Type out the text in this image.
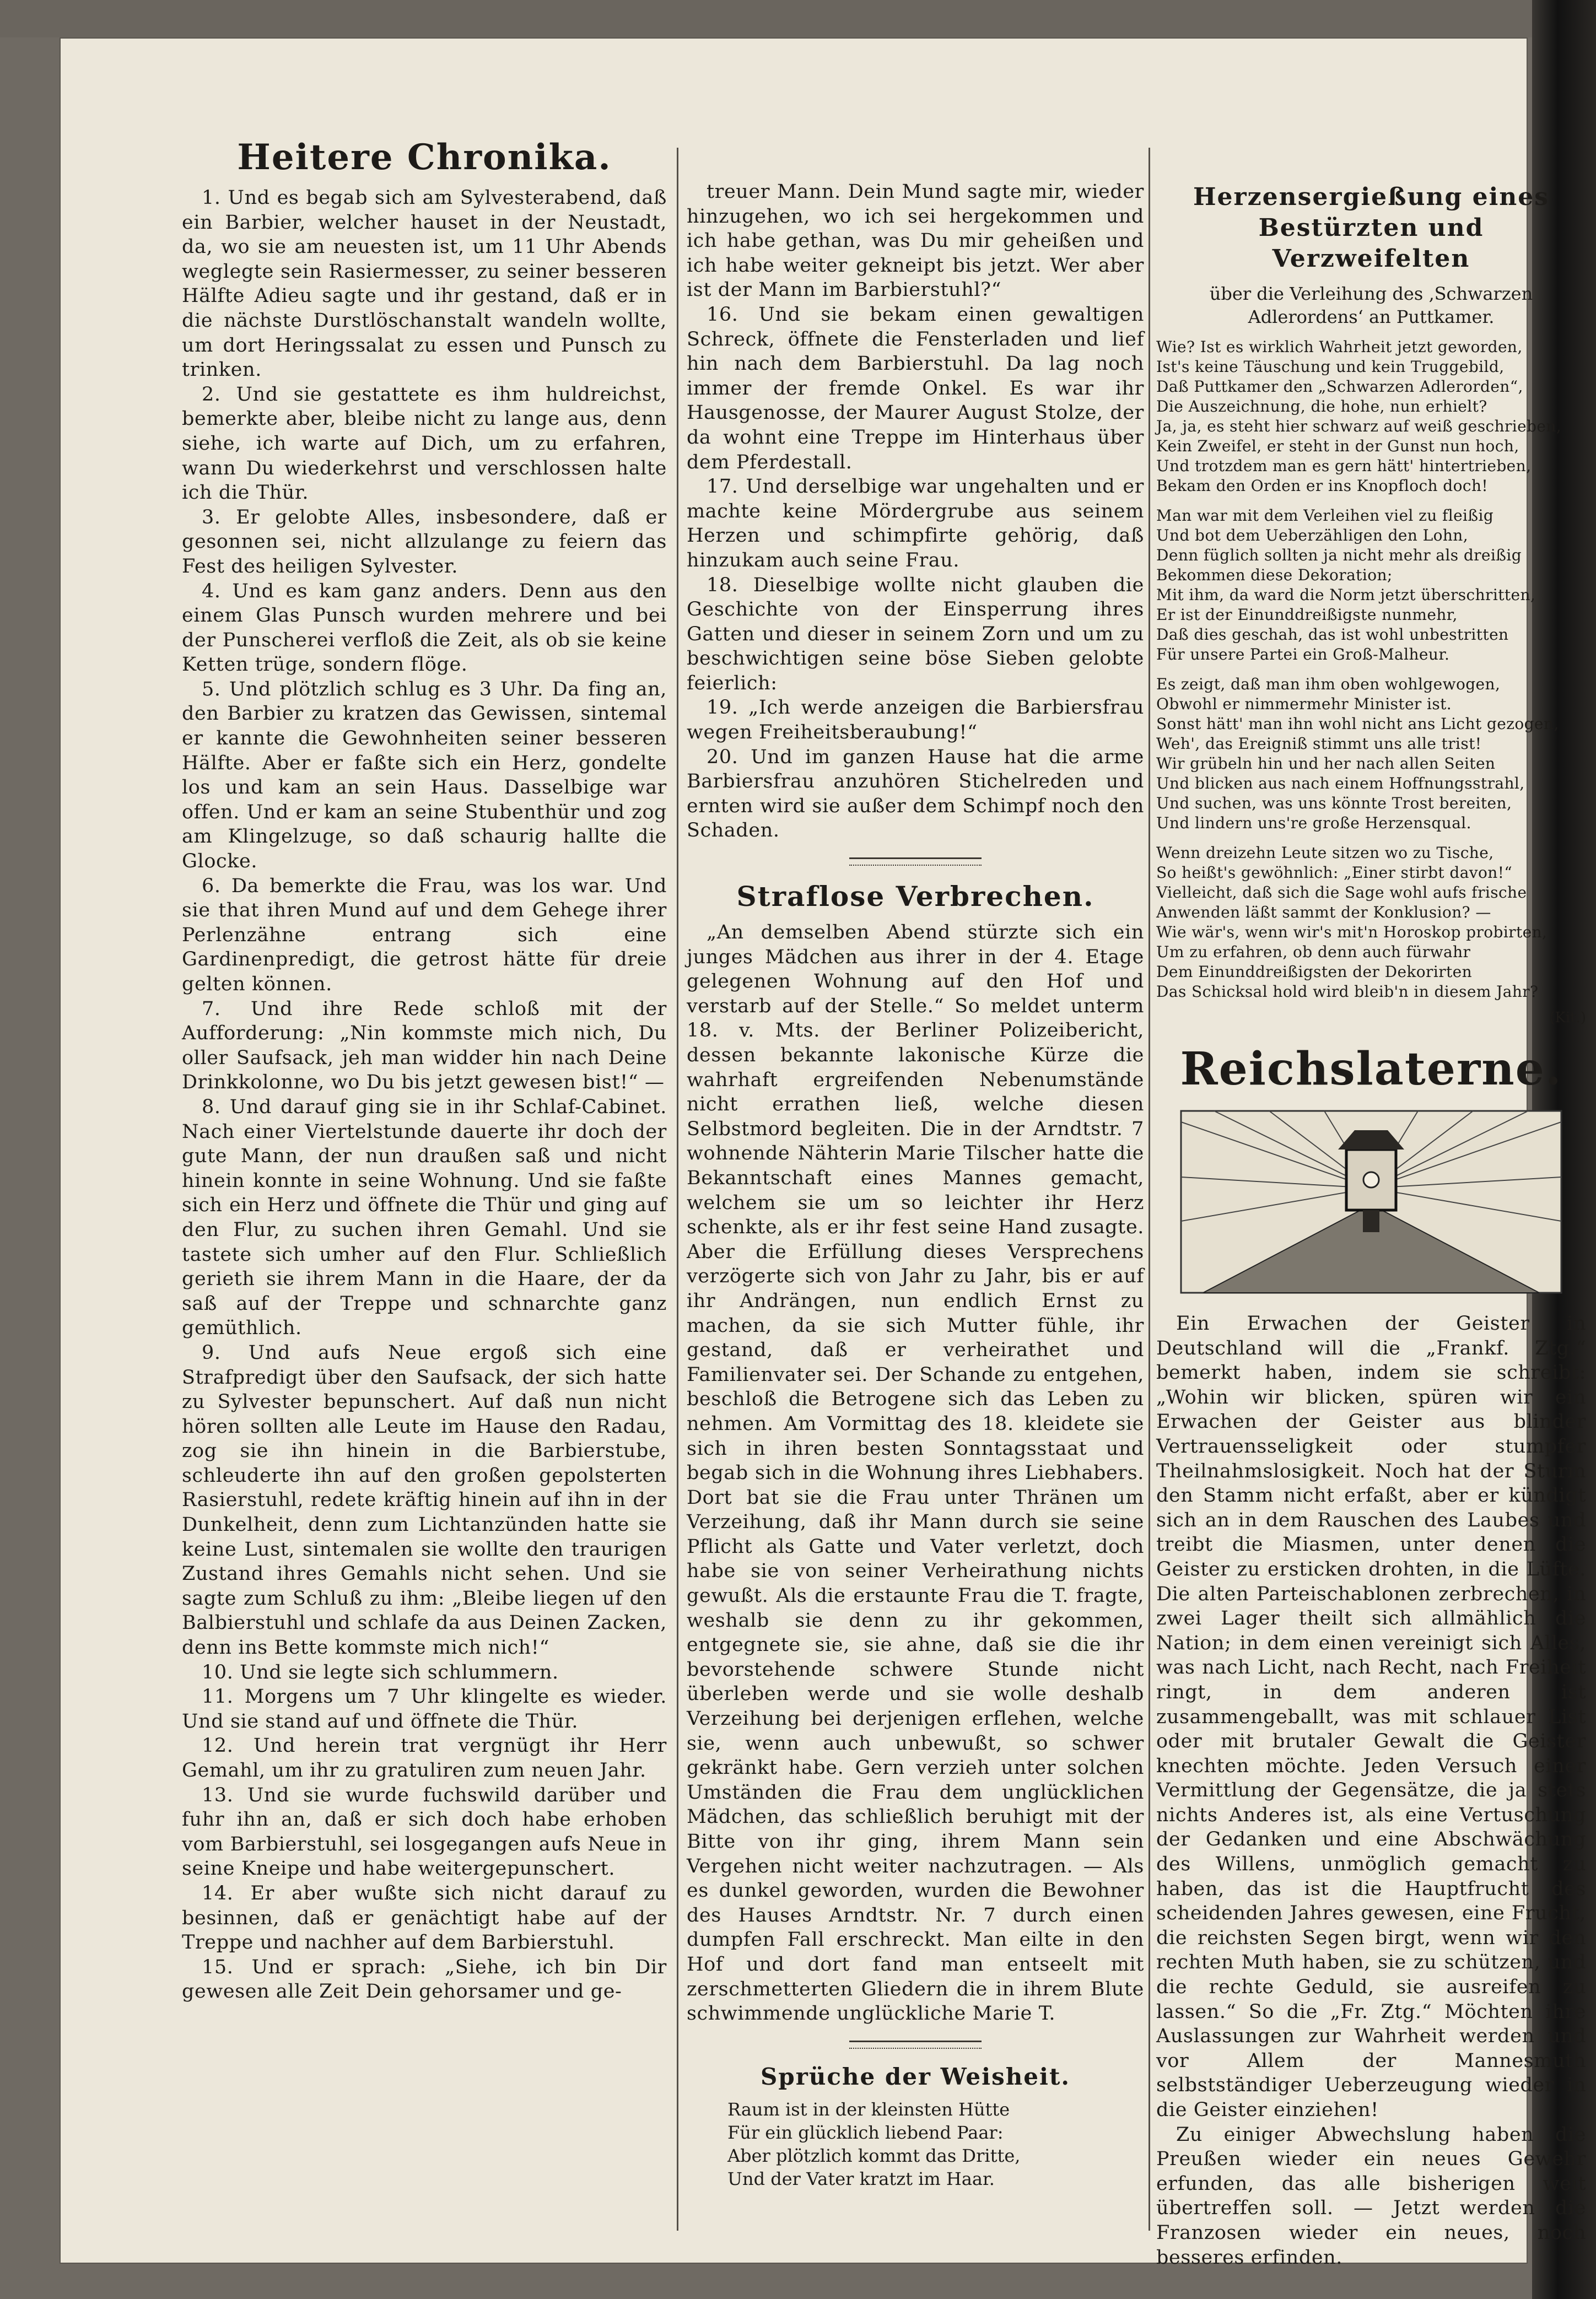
Heitere Chronika.

1. Und es begab sich am Sylvesterabend, daß ein Barbier, welcher hauset in der Neustadt, da, wo sie am neuesten ist, um 11 Uhr Abends weglegte sein Rasiermesser, zu seiner besseren Hälfte Adieu sagte und ihr gestand, daß er in die nächste Durstlöschanstalt wandeln wollte, um dort Heringssalat zu essen und Punsch zu trinken.

2. Und sie gestattete es ihm huldreichst, bemerkte aber, bleibe nicht zu lange aus, denn siehe, ich warte auf Dich, um zu erfahren, wann Du wiederkehrst und verschlossen halte ich die Thür.

3. Er gelobte Alles, insbesondere, daß er gesonnen sei, nicht allzulange zu feiern das Fest des heiligen Sylvester.

4. Und es kam ganz anders. Denn aus den einem Glas Punsch wurden mehrere und bei der Punscherei verfloß die Zeit, als ob sie keine Ketten trüge, sondern flöge.

5. Und plötzlich schlug es 3 Uhr. Da fing an, den Barbier zu kratzen das Gewissen, sintemal er kannte die Gewohnheiten seiner besseren Hälfte. Aber er faßte sich ein Herz, gondelte los und kam an sein Haus. Dasselbige war offen. Und er kam an seine Stubenthür und zog am Klingelzuge, so daß schaurig hallte die Glocke.

6. Da bemerkte die Frau, was los war. Und sie that ihren Mund auf und dem Gehege ihrer Perlenzähne entrang sich eine Gardinenpredigt, die getrost hätte für dreie gelten können.

7. Und ihre Rede schloß mit der Aufforderung: „Nin kommste mich nich, Du oller Saufsack, jeh man widder hin nach Deine Drinkkolonne, wo Du bis jetzt gewesen bist!“ —

8. Und darauf ging sie in ihr Schlaf-Cabinet. Nach einer Viertelstunde dauerte ihr doch der gute Mann, der nun draußen saß und nicht hinein konnte in seine Wohnung. Und sie faßte sich ein Herz und öffnete die Thür und ging auf den Flur, zu suchen ihren Gemahl. Und sie tastete sich umher auf den Flur. Schließlich gerieth sie ihrem Mann in die Haare, der da saß auf der Treppe und schnarchte ganz gemüthlich.

9. Und aufs Neue ergoß sich eine Strafpredigt über den Saufsack, der sich hatte zu Sylvester bepunschert. Auf daß nun nicht hören sollten alle Leute im Hause den Radau, zog sie ihn hinein in die Barbierstube, schleuderte ihn auf den großen gepolsterten Rasierstuhl, redete kräftig hinein auf ihn in der Dunkelheit, denn zum Lichtanzünden hatte sie keine Lust, sintemalen sie wollte den traurigen Zustand ihres Gemahls nicht sehen. Und sie sagte zum Schluß zu ihm: „Bleibe liegen uf den Balbierstuhl und schlafe da aus Deinen Zacken, denn ins Bette kommste mich nich!“

10. Und sie legte sich schlummern.

11. Morgens um 7 Uhr klingelte es wieder. Und sie stand auf und öffnete die Thür.

12. Und herein trat vergnügt ihr Herr Gemahl, um ihr zu gratuliren zum neuen Jahr.

13. Und sie wurde fuchswild darüber und fuhr ihn an, daß er sich doch habe erhoben vom Barbierstuhl, sei losgegangen aufs Neue in seine Kneipe und habe weitergepunschert.

14. Er aber wußte sich nicht darauf zu besinnen, daß er genächtigt habe auf der Treppe und nachher auf dem Barbierstuhl.

15. Und er sprach: „Siehe, ich bin Dir gewesen alle Zeit Dein gehorsamer und ge-

treuer Mann. Dein Mund sagte mir, wieder hinzugehen, wo ich sei hergekommen und ich habe gethan, was Du mir geheißen und ich habe weiter gekneipt bis jetzt. Wer aber ist der Mann im Barbierstuhl?“

16. Und sie bekam einen gewaltigen Schreck, öffnete die Fensterladen und lief hin nach dem Barbierstuhl. Da lag noch immer der fremde Onkel. Es war ihr Hausgenosse, der Maurer August Stolze, der da wohnt eine Treppe im Hinterhaus über dem Pferdestall.

17. Und derselbige war ungehalten und er machte keine Mördergrube aus seinem Herzen und schimpfirte gehörig, daß hinzukam auch seine Frau.

18. Dieselbige wollte nicht glauben die Geschichte von der Einsperrung ihres Gatten und dieser in seinem Zorn und um zu beschwichtigen seine böse Sieben gelobte feierlich:

19. „Ich werde anzeigen die Barbiersfrau wegen Freiheitsberaubung!“

20. Und im ganzen Hause hat die arme Barbiersfrau anzuhören Stichelreden und ernten wird sie außer dem Schimpf noch den Schaden.

Straflose Verbrechen.

„An demselben Abend stürzte sich ein junges Mädchen aus ihrer in der 4. Etage gelegenen Wohnung auf den Hof und verstarb auf der Stelle.“ So meldet unterm 18. v. Mts. der Berliner Polizeibericht, dessen bekannte lakonische Kürze die wahrhaft ergreifenden Nebenumstände nicht errathen ließ, welche diesen Selbstmord begleiten. Die in der Arndtstr. 7 wohnende Nähterin Marie Tilscher hatte die Bekanntschaft eines Mannes gemacht, welchem sie um so leichter ihr Herz schenkte, als er ihr fest seine Hand zusagte. Aber die Erfüllung dieses Versprechens verzögerte sich von Jahr zu Jahr, bis er auf ihr Andrängen, nun endlich Ernst zu machen, da sie sich Mutter fühle, ihr gestand, daß er verheirathet und Familienvater sei. Der Schande zu entgehen, beschloß die Betrogene sich das Leben zu nehmen. Am Vormittag des 18. kleidete sie sich in ihren besten Sonntagsstaat und begab sich in die Wohnung ihres Liebhabers. Dort bat sie die Frau unter Thränen um Verzeihung, daß ihr Mann durch sie seine Pflicht als Gatte und Vater verletzt, doch habe sie von seiner Verheirathung nichts gewußt. Als die erstaunte Frau die T. fragte, weshalb sie denn zu ihr gekommen, entgegnete sie, sie ahne, daß sie die ihr bevorstehende schwere Stunde nicht überleben werde und sie wolle deshalb Verzeihung bei derjenigen erflehen, welche sie, wenn auch unbewußt, so schwer gekränkt habe. Gern verzieh unter solchen Umständen die Frau dem unglücklichen Mädchen, das schließlich beruhigt mit der Bitte von ihr ging, ihrem Mann sein Vergehen nicht weiter nachzutragen. — Als es dunkel geworden, wurden die Bewohner des Hauses Arndtstr. Nr. 7 durch einen dumpfen Fall erschreckt. Man eilte in den Hof und dort fand man entseelt mit zerschmetterten Gliedern die in ihrem Blute schwimmende unglückliche Marie T.

Sprüche der Weisheit.
Raum ist in der kleinsten Hütte
Für ein glücklich liebend Paar:
Aber plötzlich kommt das Dritte,
Und der Vater kratzt im Haar.
Herzensergießung eines Bestürzten und Verzweifelten
über die Verleihung des ‚Schwarzen Adlerordens‘ an Puttkamer.
Wie? Ist es wirklich Wahrheit jetzt geworden,
Ist's keine Täuschung und kein Truggebild,
Daß Puttkamer den „Schwarzen Adlerorden“,
Die Auszeichnung, die hohe, nun erhielt?
Ja, ja, es steht hier schwarz auf weiß geschrieben,
Kein Zweifel, er steht in der Gunst nun hoch,
Und trotzdem man es gern hätt' hintertrieben,
Bekam den Orden er ins Knopfloch doch!
Man war mit dem Verleihen viel zu fleißig
Und bot dem Ueberzähligen den Lohn,
Denn füglich sollten ja nicht mehr als dreißig
Bekommen diese Dekoration;
Mit ihm, da ward die Norm jetzt überschritten,
Er ist der Einunddreißigste nunmehr,
Daß dies geschah, das ist wohl unbestritten
Für unsere Partei ein Groß-Malheur.
Es zeigt, daß man ihm oben wohlgewogen,
Obwohl er nimmermehr Minister ist.
Sonst hätt' man ihn wohl nicht ans Licht gezogen,
Weh', das Ereigniß stimmt uns alle trist!
Wir grübeln hin und her nach allen Seiten
Und blicken aus nach einem Hoffnungsstrahl,
Und suchen, was uns könnte Trost bereiten,
Und lindern uns're große Herzensqual.
Wenn dreizehn Leute sitzen wo zu Tische,
So heißt's gewöhnlich: „Einer stirbt davon!“
Vielleicht, daß sich die Sage wohl aufs frische
Anwenden läßt sammt der Konklusion? —
Wie wär's, wenn wir's mit'n Horoskop probirten,
Um zu erfahren, ob denn auch fürwahr
Dem Einunddreißigsten der Dekorirten
Das Schicksal hold wird bleib'n in diesem Jahr?
(Kit.)
Reichslaterne.

Ein Erwachen der Geister in Deutschland will die „Frankf. Ztg.“ bemerkt haben, indem sie schreibt: „Wohin wir blicken, spüren wir ein Erwachen der Geister aus blinder Vertrauensseligkeit oder stumpfer Theilnahmslosigkeit. Noch hat der Sturm den Stamm nicht erfaßt, aber er kündigt sich an in dem Rauschen des Laubes und treibt die Miasmen, unter denen die Geister zu ersticken drohten, in die Lüfte. Die alten Parteischablonen zerbrechen, in zwei Lager theilt sich allmählich die Nation; in dem einen vereinigt sich Alles, was nach Licht, nach Recht, nach Freiheit ringt, in dem anderen ist zusammengeballt, was mit schlauer List oder mit brutaler Gewalt die Geister knechten möchte. Jeden Versuch einer Vermittlung der Gegensätze, die ja stets nichts Anderes ist, als eine Vertuschung der Gedanken und eine Abschwächung des Willens, unmöglich gemacht zu haben, das ist die Hauptfrucht des scheidenden Jahres gewesen, eine Frucht, die reichsten Segen birgt, wenn wir den rechten Muth haben, sie zu schützen, und die rechte Geduld, sie ausreifen zu lassen.“ So die „Fr. Ztg.“ Möchten ihre Auslassungen zur Wahrheit werden und vor Allem der Mannesmuth selbstständiger Ueberzeugung wieder in die Geister einziehen!

Zu einiger Abwechslung haben die Preußen wieder ein neues Gewehr erfunden, das alle bisherigen weit übertreffen soll. — Jetzt werden die Franzosen wieder ein neues, noch besseres erfinden.
